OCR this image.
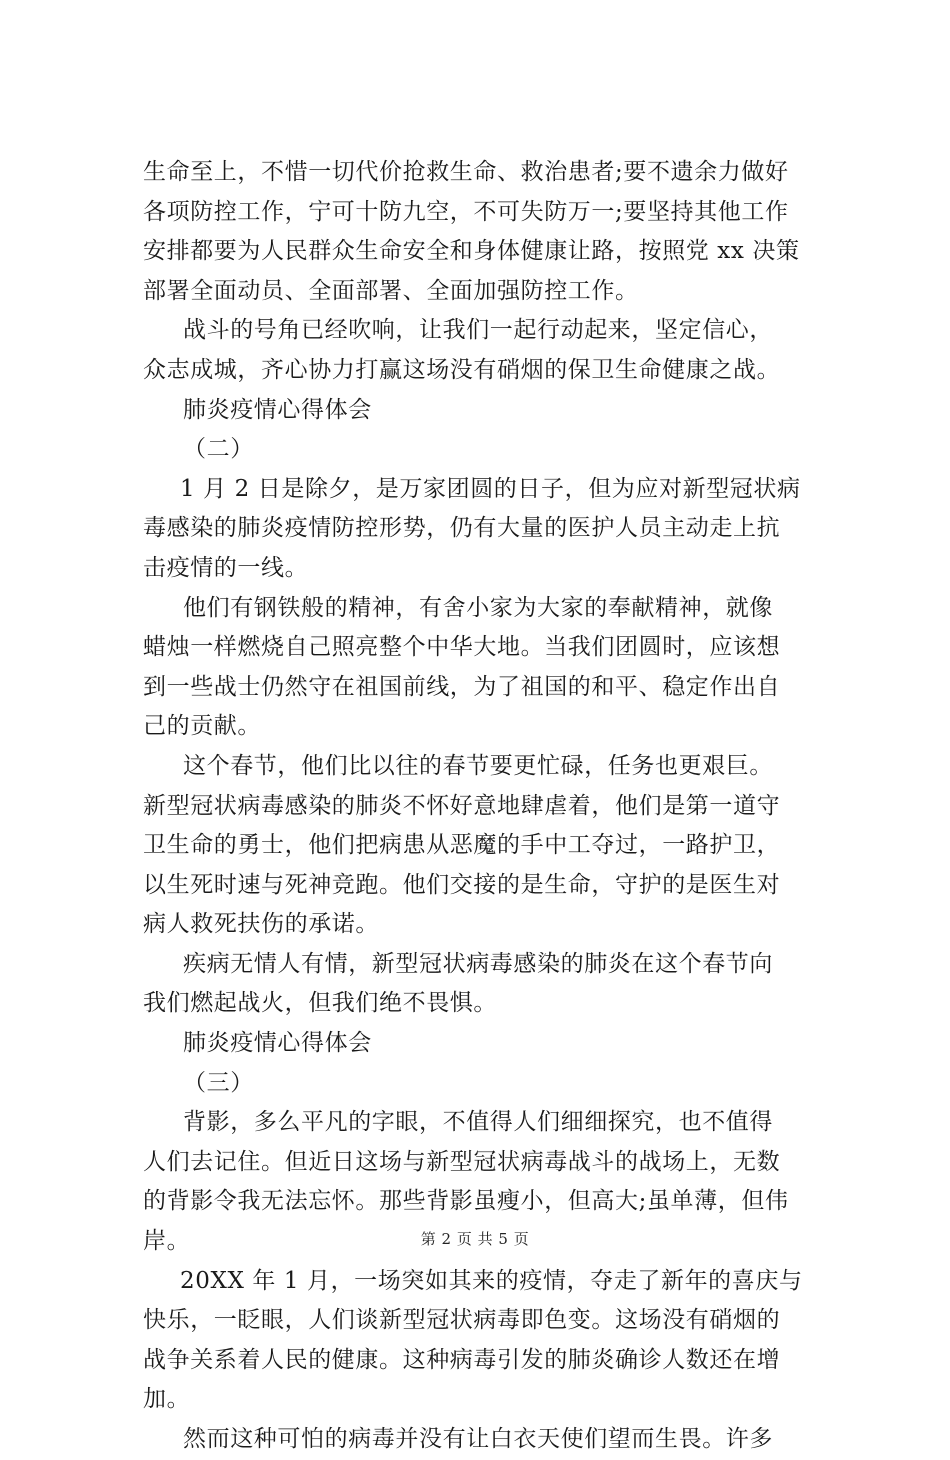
生命至上，不惜一切代价抢救生命、救治患者;要不遗余力做好
各项防控工作，宁可十防九空，不可失防万一;要坚持其他工作
安排都要为人民群众生命安全和身体健康让路，按照党 xx 决策
部署全面动员、全面部署、全面加强防控工作。
战斗的号角已经吹响，让我们一起行动起来，坚定信心，
众志成城，齐心协力打赢这场没有硝烟的保卫生命健康之战。
肺炎疫情心得体会
（二）
1 月 2 日是除夕，是万家团圆的日子，但为应对新型冠状病
毒感染的肺炎疫情防控形势，仍有大量的医护人员主动走上抗
击疫情的一线。
他们有钢铁般的精神，有舍小家为大家的奉献精神，就像
蜡烛一样燃烧自己照亮整个中华大地。当我们团圆时，应该想
到一些战士仍然守在祖国前线，为了祖国的和平、稳定作出自
己的贡献。
这个春节，他们比以往的春节要更忙碌，任务也更艰巨。
新型冠状病毒感染的肺炎不怀好意地肆虐着，他们是第一道守
卫生命的勇士，他们把病患从恶魔的手中工夺过，一路护卫，
以生死时速与死神竞跑。他们交接的是生命，守护的是医生对
病人救死扶伤的承诺。
疾病无情人有情，新型冠状病毒感染的肺炎在这个春节向
我们燃起战火，但我们绝不畏惧。
肺炎疫情心得体会
（三）
背影，多么平凡的字眼，不值得人们细细探究，也不值得
人们去记住。但近日这场与新型冠状病毒战斗的战场上，无数
的背影令我无法忘怀。那些背影虽瘦小，但高大;虽单薄，但伟
岸。
20XX 年 1 月，一场突如其来的疫情，夺走了新年的喜庆与
快乐，一眨眼，人们谈新型冠状病毒即色变。这场没有硝烟的
战争关系着人民的健康。这种病毒引发的肺炎确诊人数还在增
加。
然而这种可怕的病毒并没有让白衣天使们望而生畏。许多
第 2 页 共 5 页
